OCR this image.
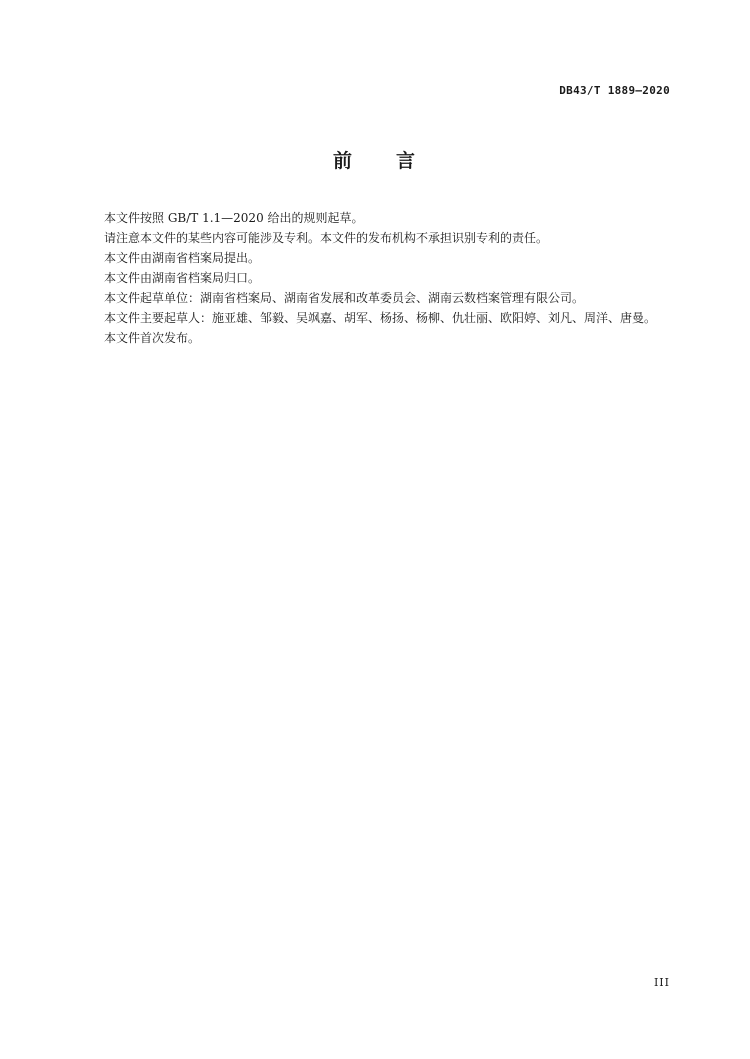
DB43/T 1889—2020
前　　言

本文件按照 GB/T 1.1—2020 给出的规则起草。

请注意本文件的某些内容可能涉及专利。本文件的发布机构不承担识别专利的责任。

本文件由湖南省档案局提出。

本文件由湖南省档案局归口。

本文件起草单位：湖南省档案局、湖南省发展和改革委员会、湖南云数档案管理有限公司。

本文件主要起草人：施亚雄、邹毅、吴飒嘉、胡军、杨扬、杨柳、仇壮丽、欧阳婷、刘凡、周洋、唐曼。

本文件首次发布。

III
